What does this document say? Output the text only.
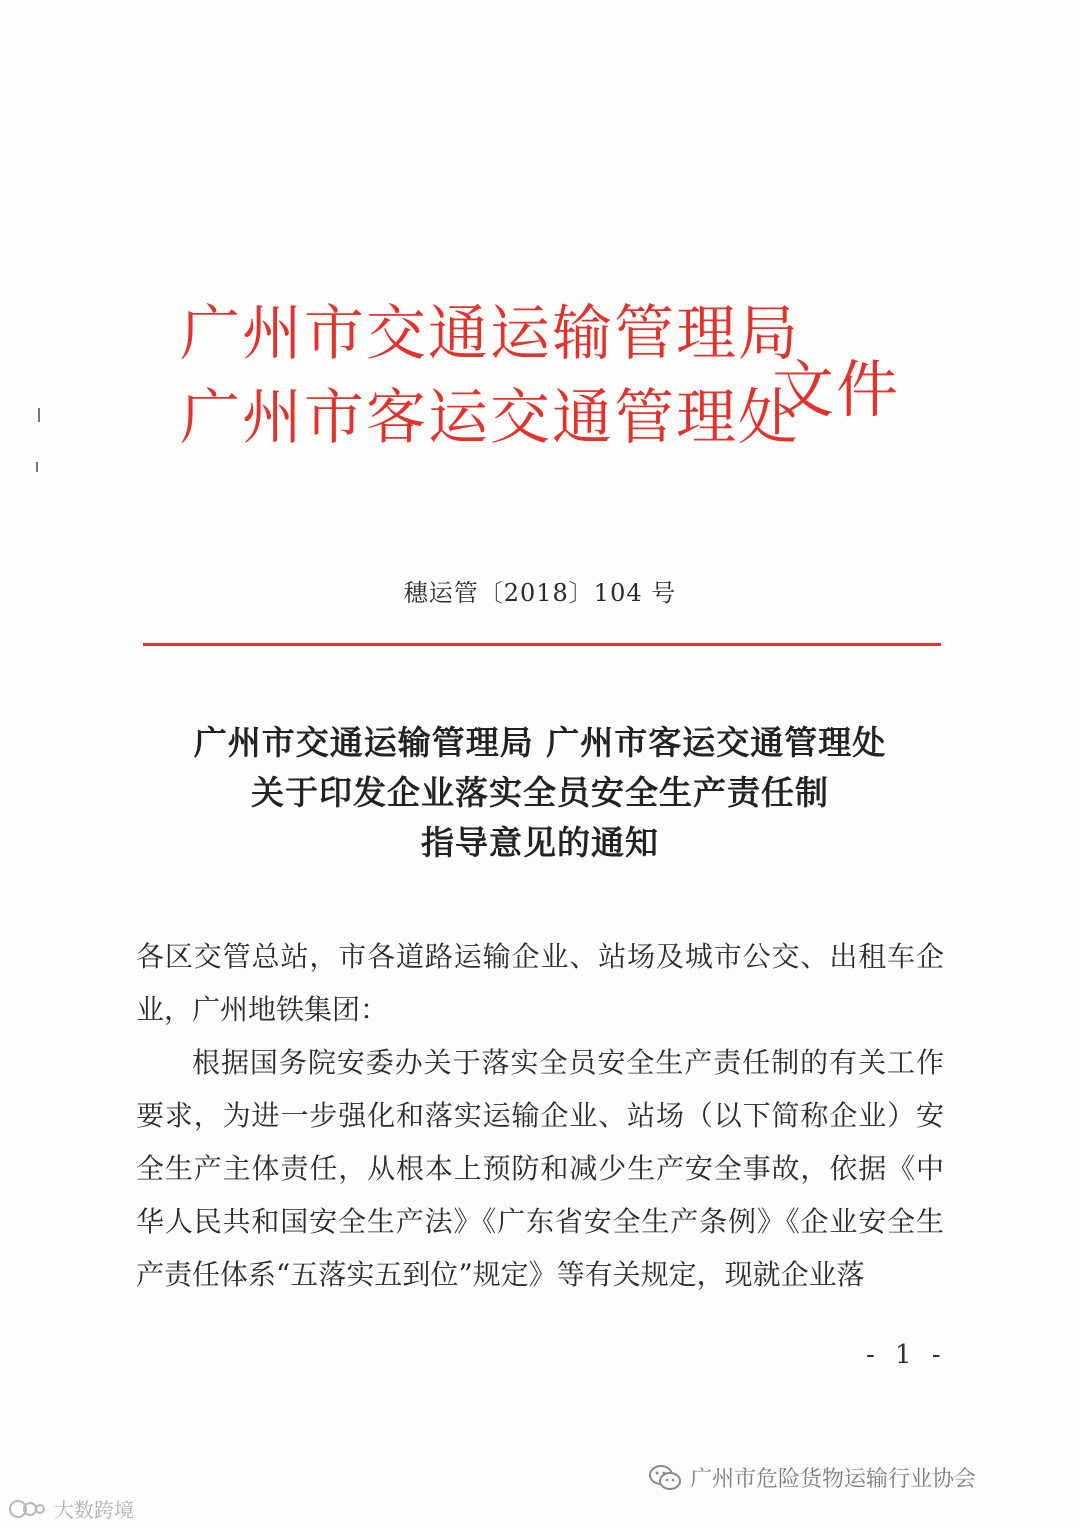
广州市交通运输管理局
广州市客运交通管理处
文件
穗运管〔2018〕104 号
广州市交通运输管理局 广州市客运交通管理处
关于印发企业落实全员安全生产责任制
指导意见的通知

各区交管总站，市各道路运输企业、站场及城市公交、出租车企业，广州地铁集团：

根据国务院安委办关于落实全员安全生产责任制的有关工作要求，为进一步强化和落实运输企业、站场（以下简称企业）安全生产主体责任，从根本上预防和减少生产安全事故，依据《中华人民共和国安全生产法》《广东省安全生产条例》《企业安全生产责任体系“五落实五到位”规定》等有关规定，现就企业落

- 1 -
广州市危险货物运输行业协会
大数跨境
